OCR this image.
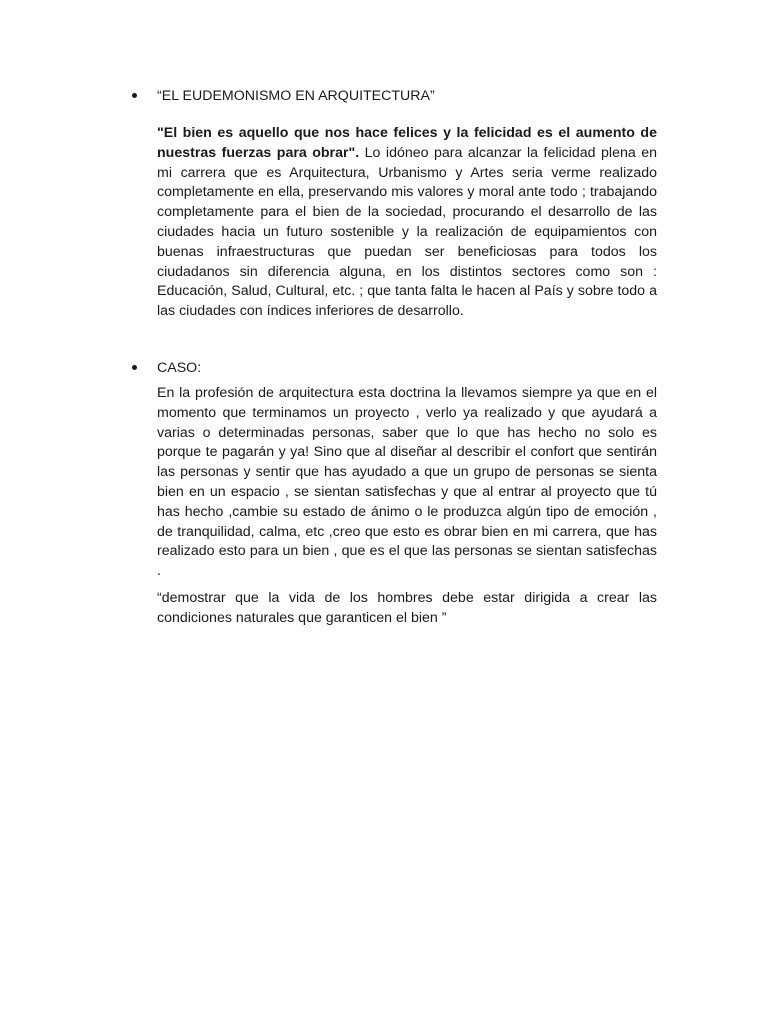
“EL EUDEMONISMO EN ARQUITECTURA”

"El bien es aquello que nos hace felices y la felicidad es el aumento de nuestras fuerzas para obrar". Lo idóneo para alcanzar la felicidad plena en mi carrera que es Arquitectura, Urbanismo y Artes seria verme realizado completamente en ella, preservando mis valores y moral ante todo ; trabajando completamente para el bien de la sociedad, procurando el desarrollo de las ciudades hacia un futuro sostenible y la realización de equipamientos con buenas infraestructuras que puedan ser beneficiosas para todos los ciudadanos sin diferencia alguna, en los distintos sectores como son : Educación, Salud, Cultural, etc. ; que tanta falta le hacen al País y sobre todo a las ciudades con índices inferiores de desarrollo.

CASO:

En la profesión de arquitectura esta doctrina la llevamos siempre ya que en el momento que terminamos un proyecto , verlo ya realizado y que ayudará a varias o determinadas personas, saber que lo que has hecho no solo es porque te pagarán y ya! Sino que al diseñar al describir el confort que sentirán las personas y sentir que has ayudado a que un grupo de personas se sienta bien en un espacio , se sientan satisfechas y que al entrar al proyecto que tú has hecho ,cambie su estado de ánimo o le produzca algún tipo de emoción , de tranquilidad, calma, etc ,creo que esto es obrar bien en mi carrera, que has realizado esto para un bien , que es el que las personas se sientan satisfechas .

“demostrar que la vida de los hombres debe estar dirigida a crear las condiciones naturales que garanticen el bien ”
